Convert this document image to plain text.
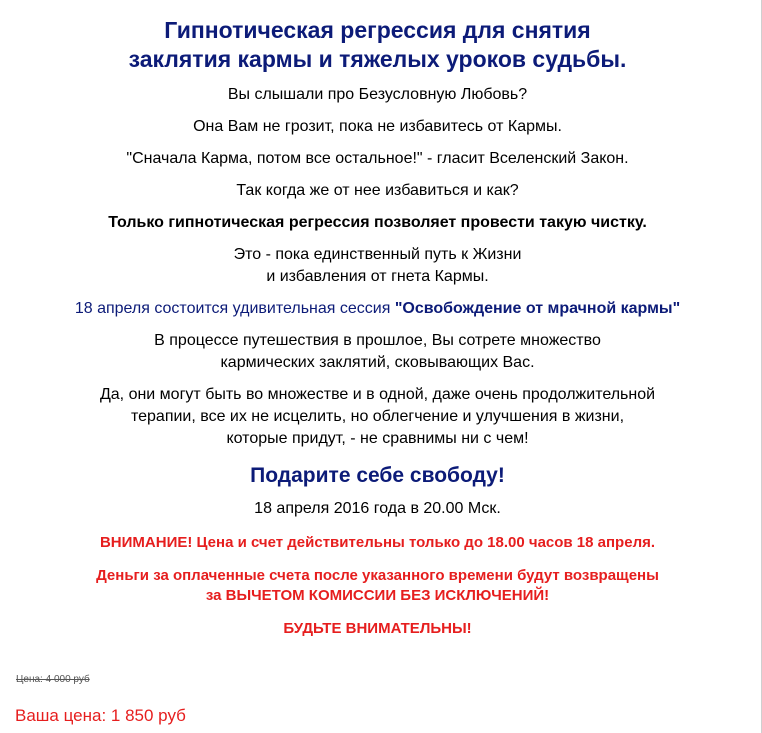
Гипнотическая регрессия для снятия
заклятия кармы и тяжелых уроков судьбы.

Вы слышали про Безусловную Любовь?

Она Вам не грозит, пока не избавитесь от Кармы.

"Сначала Карма, потом все остальное!" - гласит Вселенский Закон.

Так когда же от нее избавиться и как?

Только гипнотическая регрессия позволяет провести такую чистку.

Это - пока единственный путь к Жизни
и избавления от гнета Кармы.

18 апреля состоится удивительная сессия "Освобождение от мрачной кармы"

В процессе путешествия в прошлое, Вы сотрете множество
кармических заклятий, сковывающих Вас.

Да, они могут быть во множестве и в одной, даже очень продолжительной
терапии, все их не исцелить, но облегчение и улучшения в жизни,
которые придут, - не сравнимы ни с чем!

Подарите себе свободу!

18 апреля 2016 года в 20.00 Мск.

ВНИМАНИЕ! Цена и счет действительны только до 18.00 часов 18 апреля.

Деньги за оплаченные счета после указанного времени будут возвращены
за ВЫЧЕТОМ КОМИССИИ БЕЗ ИСКЛЮЧЕНИЙ!

БУДЬТЕ ВНИМАТЕЛЬНЫ!

Цена: 4 000 руб
Ваша цена: 1 850 руб
